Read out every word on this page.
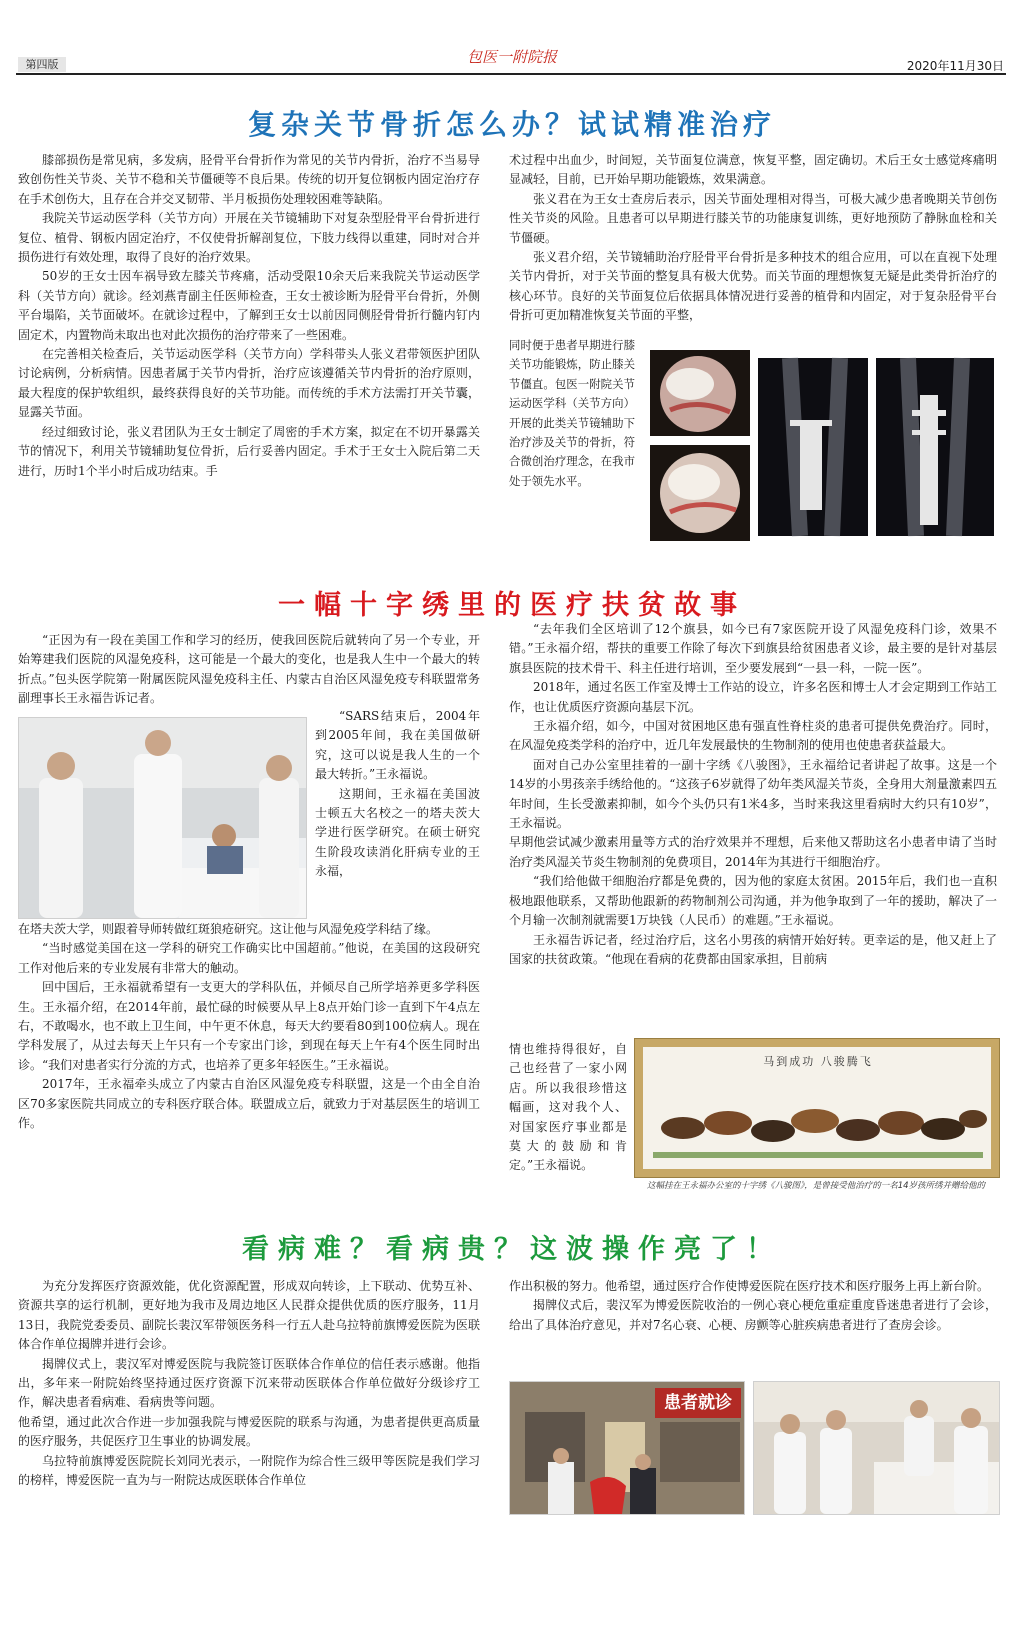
第四版	包医一附院报	2020年11月30日
复杂关节骨折怎么办？试试精准治疗

膝部损伤是常见病，多发病，胫骨平台骨折作为常见的关节内骨折，治疗不当易导致创伤性关节炎、关节不稳和关节僵硬等不良后果。传统的切开复位钢板内固定治疗存在手术创伤大，且存在合并交叉韧带、半月板损伤处理较困难等缺陷。

我院关节运动医学科（关节方向）开展在关节镜辅助下对复杂型胫骨平台骨折进行复位、植骨、钢板内固定治疗，不仅使骨折解剖复位，下肢力线得以重建，同时对合并损伤进行有效处理，取得了良好的治疗效果。

50岁的王女士因车祸导致左膝关节疼痛，活动受限10余天后来我院关节运动医学科（关节方向）就诊。经刘燕青副主任医师检查，王女士被诊断为胫骨平台骨折，外侧平台塌陷，关节面破坏。在就诊过程中，了解到王女士以前因同侧胫骨骨折行髓内钉内固定术，内置物尚未取出也对此次损伤的治疗带来了一些困难。

在完善相关检查后，关节运动医学科（关节方向）学科带头人张义君带领医护团队讨论病例，分析病情。因患者属于关节内骨折，治疗应该遵循关节内骨折的治疗原则，最大程度的保护软组织，最终获得良好的关节功能。而传统的手术方法需打开关节囊，显露关节面。

经过细致讨论，张义君团队为王女士制定了周密的手术方案，拟定在不切开暴露关节的情况下，利用关节镜辅助复位骨折，后行妥善内固定。手术于王女士入院后第二天进行，历时1个半小时后成功结束。手

术过程中出血少，时间短，关节面复位满意，恢复平整，固定确切。术后王女士感觉疼痛明显减轻，目前，已开始早期功能锻炼，效果满意。

张义君在为王女士查房后表示，因关节面处理相对得当，可极大减少患者晚期关节创伤性关节炎的风险。且患者可以早期进行膝关节的功能康复训练，更好地预防了静脉血栓和关节僵硬。

张义君介绍，关节镜辅助治疗胫骨平台骨折是多种技术的组合应用，可以在直视下处理关节内骨折，对于关节面的整复具有极大优势。而关节面的理想恢复无疑是此类骨折治疗的核心环节。良好的关节面复位后依据具体情况进行妥善的植骨和内固定，对于复杂胫骨平台骨折可更加精准恢复关节面的平整，

同时便于患者早期进行膝关节功能锻炼，防止膝关节僵直。包医一附院关节运动医学科（关节方向）开展的此类关节镜辅助下治疗涉及关节的骨折，符合微创治疗理念，在我市处于领先水平。

一幅十字绣里的医疗扶贫故事

“正因为有一段在美国工作和学习的经历，使我回医院后就转向了另一个专业，开始筹建我们医院的风湿免疫科，这可能是一个最大的变化，也是我人生中一个最大的转折点。”包头医学院第一附属医院风湿免疫科主任、内蒙古自治区风湿免疫专科联盟常务副理事长王永福告诉记者。

“SARS结束后，2004年到2005年间，我在美国做研究，这可以说是我人生的一个最大转折。”王永福说。

这期间，王永福在美国波士顿五大名校之一的塔夫茨大学进行医学研究。在硕士研究生阶段攻读消化肝病专业的王永福，

在塔夫茨大学，则跟着导师转做红斑狼疮研究。这让他与风湿免疫学科结了缘。

“当时感觉美国在这一学科的研究工作确实比中国超前。”他说，在美国的这段研究工作对他后来的专业发展有非常大的触动。

回中国后，王永福就希望有一支更大的学科队伍，并倾尽自己所学培养更多学科医生。王永福介绍，在2014年前，最忙碌的时候要从早上8点开始门诊一直到下午4点左右，不敢喝水，也不敢上卫生间，中午更不休息，每天大约要看80到100位病人。现在学科发展了，从过去每天上午只有一个专家出门诊，到现在每天上午有4个医生同时出诊。“我们对患者实行分流的方式，也培养了更多年轻医生。”王永福说。

2017年，王永福牵头成立了内蒙古自治区风湿免疫专科联盟，这是一个由全自治区70多家医院共同成立的专科医疗联合体。联盟成立后，就致力于对基层医生的培训工作。

“去年我们全区培训了12个旗县，如今已有7家医院开设了风湿免疫科门诊，效果不错。”王永福介绍，帮扶的重要工作除了每次下到旗县给贫困患者义诊，最主要的是针对基层旗县医院的技术骨干、科主任进行培训，至少要发展到“一县一科，一院一医”。

2018年，通过名医工作室及博士工作站的设立，许多名医和博士人才会定期到工作站工作，也让优质医疗资源向基层下沉。

王永福介绍，如今，中国对贫困地区患有强直性脊柱炎的患者可提供免费治疗。同时，在风湿免疫类学科的治疗中，近几年发展最快的生物制剂的使用也使患者获益最大。

面对自己办公室里挂着的一副十字绣《八骏图》，王永福给记者讲起了故事。这是一个14岁的小男孩亲手绣给他的。“这孩子6岁就得了幼年类风湿关节炎，全身用大剂量激素四五年时间，生长受激素抑制，如今个头仍只有1米4多，当时来我这里看病时大约只有10岁”，王永福说。

早期他尝试减少激素用量等方式的治疗效果并不理想，后来他又帮助这名小患者申请了当时治疗类风湿关节炎生物制剂的免费项目，2014年为其进行干细胞治疗。

“我们给他做干细胞治疗都是免费的，因为他的家庭太贫困。2015年后，我们也一直积极地跟他联系，又帮助他跟新的药物制剂公司沟通，并为他争取到了一年的援助，解决了一个月输一次制剂就需要1万块钱（人民币）的难题。”王永福说。

王永福告诉记者，经过治疗后，这名小男孩的病情开始好转。更幸运的是，他又赶上了国家的扶贫政策。“他现在看病的花费都由国家承担，目前病

情也维持得很好，自己也经营了一家小网店。所以我很珍惜这幅画，这对我个人、对国家医疗事业都是莫大的鼓励和肯定。”王永福说。

马到成功 八骏腾飞
这幅挂在王永福办公室的十字绣《八骏图》，是曾接受他治疗的一名14岁孩所绣并赠给他的
看病难？看病贵？这波操作亮了！

为充分发挥医疗资源效能，优化资源配置，形成双向转诊，上下联动、优势互补、资源共享的运行机制，更好地为我市及周边地区人民群众提供优质的医疗服务，11月13日，我院党委委员、副院长裴汉军带领医务科一行五人赴乌拉特前旗博爱医院为医联体合作单位揭牌并进行会诊。

揭牌仪式上，裴汉军对博爱医院与我院签订医联体合作单位的信任表示感谢。他指出，多年来一附院始终坚持通过医疗资源下沉来带动医联体合作单位做好分级诊疗工作，解决患者看病难、看病贵等问题。

他希望，通过此次合作进一步加强我院与博爱医院的联系与沟通，为患者提供更高质量的医疗服务，共促医疗卫生事业的协调发展。

乌拉特前旗博爱医院院长刘同光表示，一附院作为综合性三级甲等医院是我们学习的榜样，博爱医院一直为与一附院达成医联体合作单位

作出积极的努力。他希望，通过医疗合作使博爱医院在医疗技术和医疗服务上再上新台阶。

揭牌仪式后，裴汉军为博爱医院收治的一例心衰心梗危重症重度昏迷患者进行了会诊，给出了具体治疗意见，并对7名心衰、心梗、房颤等心脏疾病患者进行了查房会诊。

患者就诊
